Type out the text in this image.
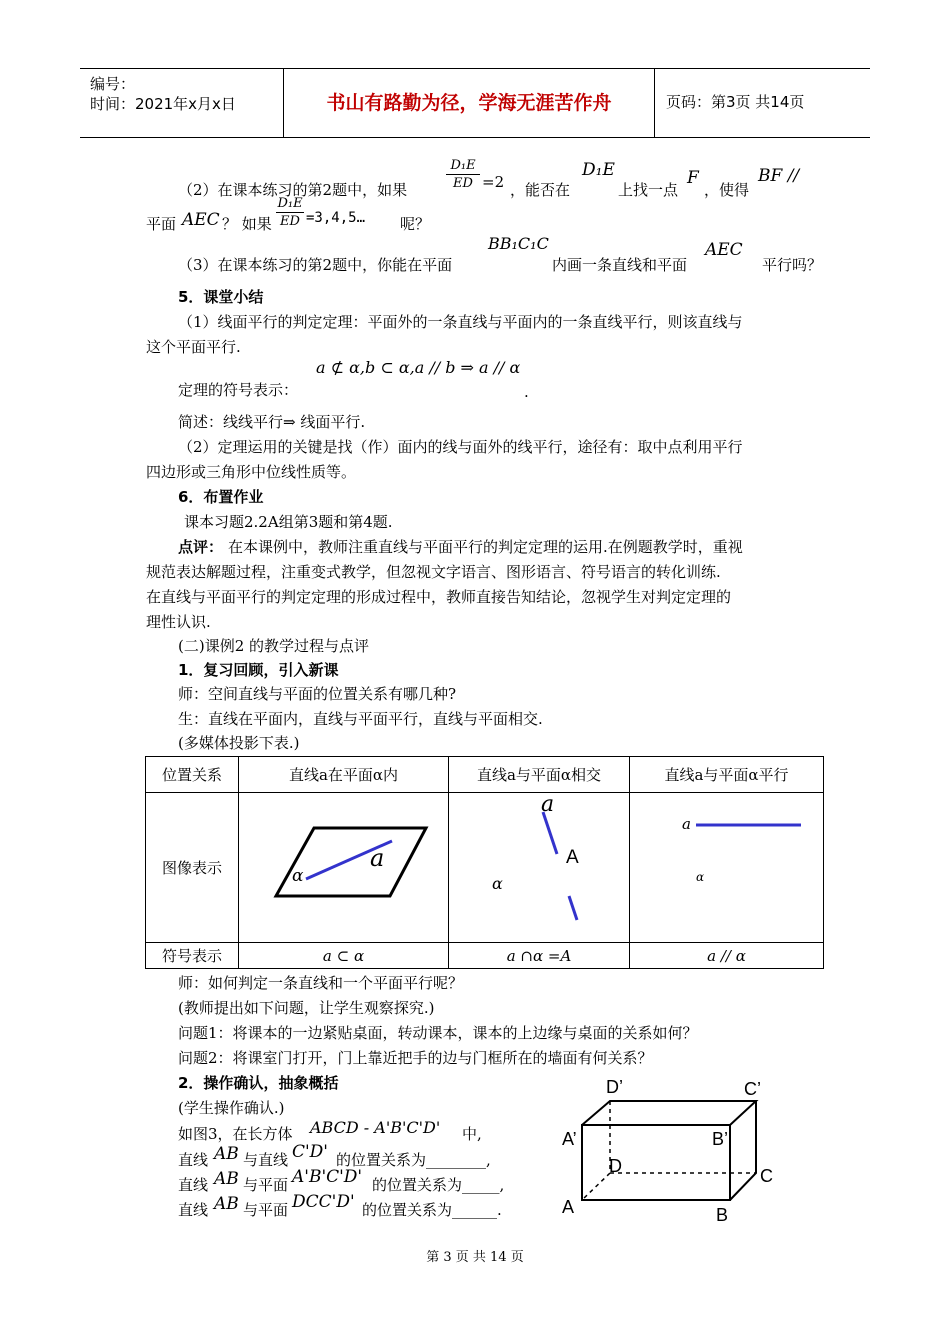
编号：
时间：2021年x月x日	书山有路勤为径，学海无涯苦作舟	页码：第3页 共14页
（2）在课本练习的第2题中，如果
D₁E
ED =2 ，能否在
D₁E
上找一点
F
，使得
BF //
平面 AEC ？ 如果
D₁E
ED =3,4,5… 呢？
（3）在课本练习的第2题中，你能在平面
BB₁C₁C
内画一条直线和平面
AEC
平行吗？
5．课堂小结
（1）线面平行的判定定理：平面外的一条直线与平面内的一条直线平行，则该直线与
这个平面平行.
a ⊄ α,b ⊂ α,a // b ⇒ a // α
定理的符号表示：	.
简述：线线平行⇒ 线面平行.
（2）定理运用的关键是找（作）面内的线与面外的线平行，途径有：取中点利用平行
四边形或三角形中位线性质等。
6．布置作业
课本习题2.2A组第3题和第4题.
点评： 在本课例中，教师注重直线与平面平行的判定定理的运用.在例题教学时，重视
规范表达解题过程，注重变式教学，但忽视文字语言、图形语言、符号语言的转化训练.
在直线与平面平行的判定定理的形成过程中，教师直接告知结论，忽视学生对判定定理的
理性认识.
(二)课例2 的教学过程与点评
1．复习回顾，引入新课
师：空间直线与平面的位置关系有哪几种?
生：直线在平面内，直线与平面平行，直线与平面相交.
(多媒体投影下表.)
位置关系	直线a在平面α内	直线a与平面α相交	直线a与平面α平行
图像表示			
符号表示	a ⊂ α	a ∩α =A	a // α
a
α
a
A
α
a
α
师：如何判定一条直线和一个平面平行呢？
(教师提出如下问题，让学生观察探究.)
问题1：将课本的一边紧贴桌面，转动课本，课本的上边缘与桌面的关系如何？
问题2：将课室门打开，门上靠近把手的边与门框所在的墙面有何关系？
2．操作确认，抽象概括
(学生操作确认.)
如图3，在长方体 ABCD - A'B'C'D' 中,
直线 AB 与直线 C'D' 的位置关系为________,
直线 AB 与平面 A'B'C'D' 的位置关系为_____,
直线 AB 与平面 DCC'D' 的位置关系为______.
D’	C’
A’	B’
D	C
A	B
第 3 页 共 14 页
